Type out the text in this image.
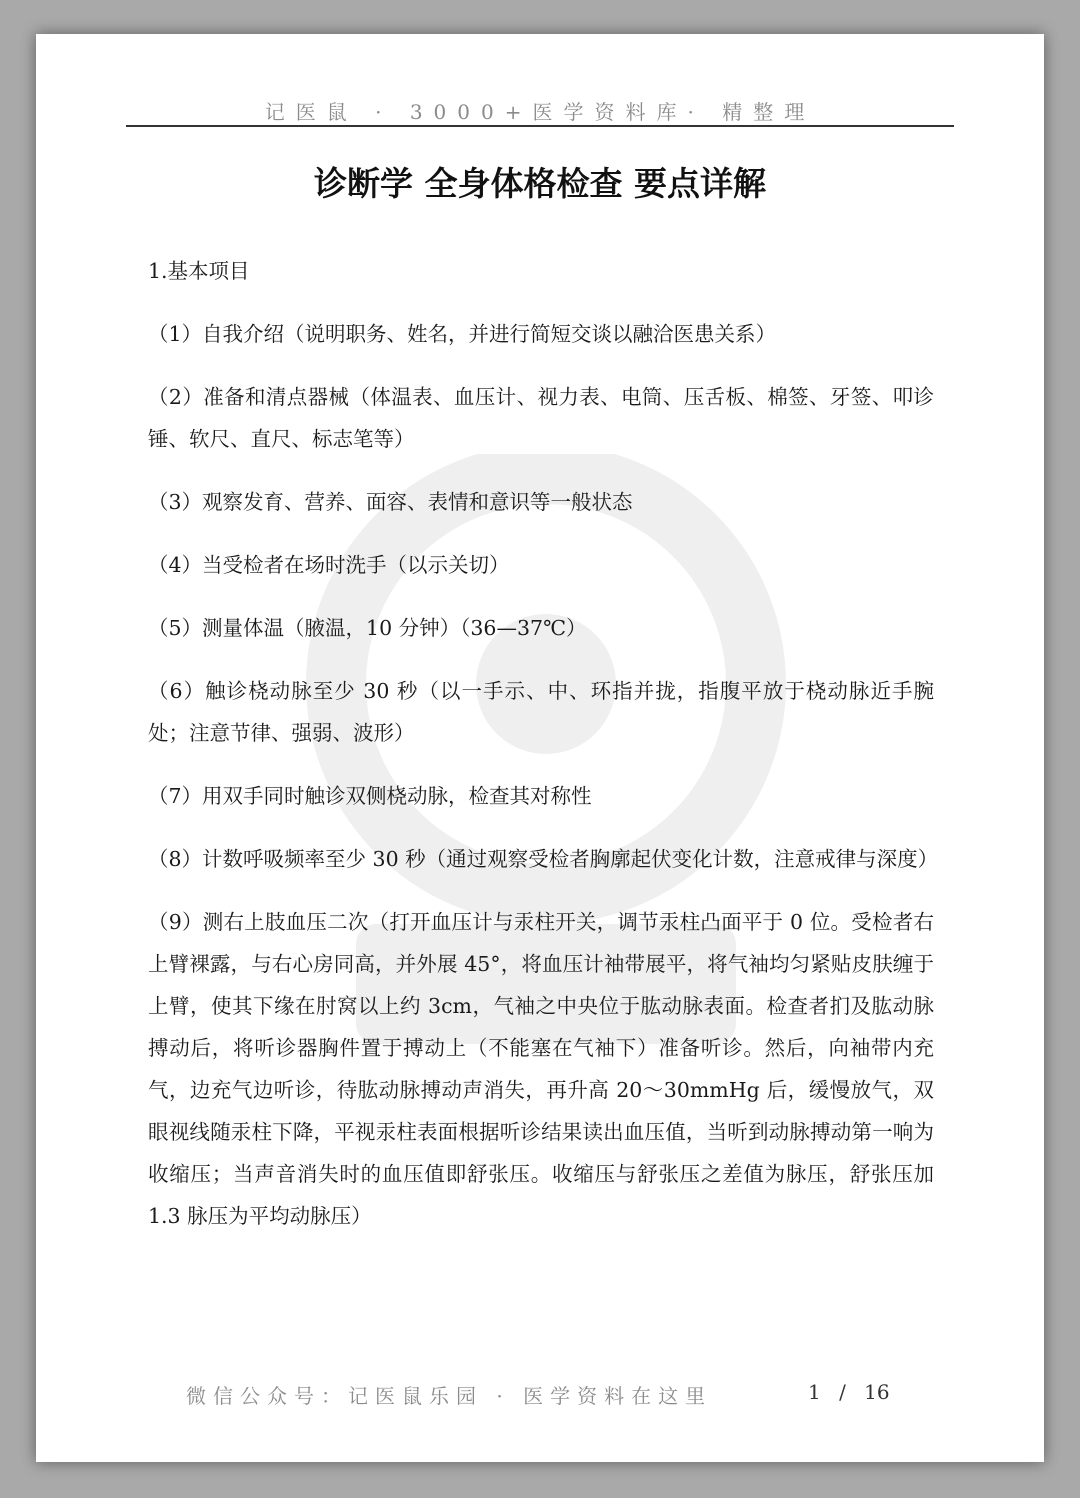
记医鼠 · 3000+医学资料库· 精整理
诊断学 全身体格检查 要点详解

1.基本项目

（1）自我介绍（说明职务、姓名，并进行简短交谈以融洽医患关系）

（2）准备和清点器械（体温表、血压计、视力表、电筒、压舌板、棉签、牙签、叩诊锤、软尺、直尺、标志笔等）

（3）观察发育、营养、面容、表情和意识等一般状态

（4）当受检者在场时洗手（以示关切）

（5）测量体温（腋温，10 分钟）（36—37℃）

（6）触诊桡动脉至少 30 秒（以一手示、中、环指并拢，指腹平放于桡动脉近手腕处；注意节律、强弱、波形）

（7）用双手同时触诊双侧桡动脉，检查其对称性

（8）计数呼吸频率至少 30 秒（通过观察受检者胸廓起伏变化计数，注意戒律与深度）

（9）测右上肢血压二次（打开血压计与汞柱开关，调节汞柱凸面平于 0 位。受检者右上臂裸露，与右心房同高，并外展 45°，将血压计袖带展平，将气袖均匀紧贴皮肤缠于上臂，使其下缘在肘窝以上约 3cm，气袖之中央位于肱动脉表面。检查者扪及肱动脉搏动后，将听诊器胸件置于搏动上（不能塞在气袖下）准备听诊。然后，向袖带内充气，边充气边听诊，待肱动脉搏动声消失，再升高 20～30mmHg 后，缓慢放气，双眼视线随汞柱下降，平视汞柱表面根据听诊结果读出血压值，当听到动脉搏动第一响为收缩压；当声音消失时的血压值即舒张压。收缩压与舒张压之差值为脉压，舒张压加 1.3 脉压为平均动脉压）

微信公众号：记医鼠乐园 · 医学资料在这里	1 / 16
